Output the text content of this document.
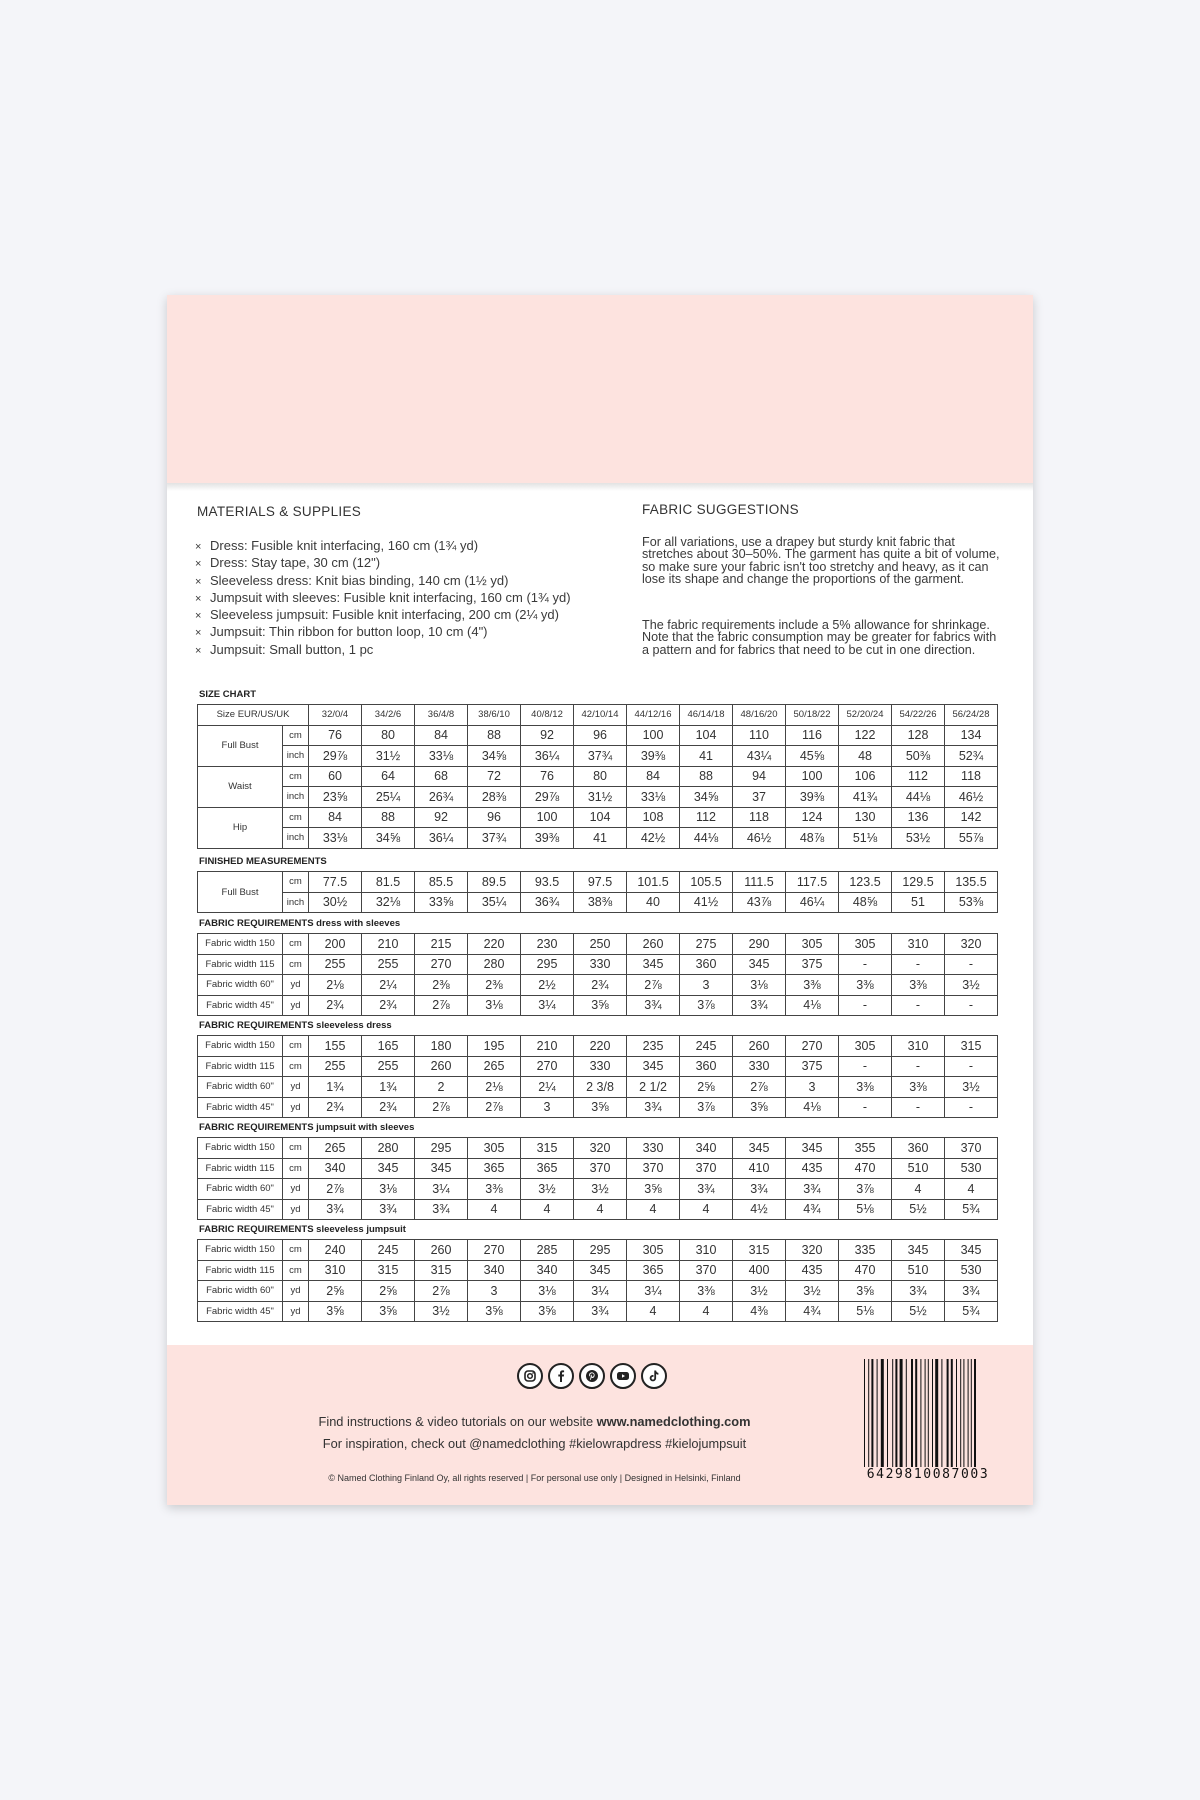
MATERIALS & SUPPLIES
× Dress: Fusible knit interfacing, 160 cm (1¾ yd)
× Dress: Stay tape, 30 cm (12")
× Sleeveless dress: Knit bias binding, 140 cm (1½ yd)
× Jumpsuit with sleeves: Fusible knit interfacing, 160 cm (1¾ yd)
× Sleeveless jumpsuit: Fusible knit interfacing, 200 cm (2¼ yd)
× Jumpsuit: Thin ribbon for button loop, 10 cm (4")
× Jumpsuit: Small button, 1 pc
FABRIC SUGGESTIONS

For all variations, use a drapey but sturdy knit fabric that stretches about 30–50%. The garment has quite a bit of volume, so make sure your fabric isn't too stretchy and heavy, as it can lose its shape and change the proportions of the garment.

The fabric requirements include a 5% allowance for shrinkage. Note that the fabric consumption may be greater for fabrics with a pattern and for fabrics that need to be cut in one direction.

SIZE CHART
Size EUR/US/UK		32/0/4	34/2/6	36/4/8	38/6/10	40/8/12	42/10/14	44/12/16	46/14/18	48/16/20	50/18/22	52/20/24	54/22/26	56/24/28
Full Bust	cm	76	80	84	88	92	96	100	104	110	116	122	128	134
	inch	29⅞	31½	33⅛	34⅝	36¼	37¾	39⅜	41	43¼	45⅝	48	50⅜	52¾
Waist	cm	60	64	68	72	76	80	84	88	94	100	106	112	118
	inch	23⅝	25¼	26¾	28⅜	29⅞	31½	33⅛	34⅝	37	39⅜	41¾	44⅛	46½
Hip	cm	84	88	92	96	100	104	108	112	118	124	130	136	142
	inch	33⅛	34⅝	36¼	37¾	39⅜	41	42½	44⅛	46½	48⅞	51⅛	53½	55⅞
FINISHED MEASUREMENTS
Full Bust	cm	77.5	81.5	85.5	89.5	93.5	97.5	101.5	105.5	111.5	117.5	123.5	129.5	135.5
	inch	30½	32⅛	33⅝	35¼	36¾	38⅜	40	41½	43⅞	46¼	48⅝	51	53⅜
FABRIC REQUIREMENTS dress with sleeves
Fabric width 150	cm	200	210	215	220	230	250	260	275	290	305	305	310	320
Fabric width 115	cm	255	255	270	280	295	330	345	360	345	375	-	-	-
Fabric width 60"	yd	2⅛	2¼	2⅜	2⅜	2½	2¾	2⅞	3	3⅛	3⅜	3⅜	3⅜	3½
Fabric width 45"	yd	2¾	2¾	2⅞	3⅛	3¼	3⅝	3¾	3⅞	3¾	4⅛	-	-	-
FABRIC REQUIREMENTS sleeveless dress
Fabric width 150	cm	155	165	180	195	210	220	235	245	260	270	305	310	315
Fabric width 115	cm	255	255	260	265	270	330	345	360	330	375	-	-	-
Fabric width 60"	yd	1¾	1¾	2	2⅛	2¼	2 3/8	2 1/2	2⅝	2⅞	3	3⅜	3⅜	3½
Fabric width 45"	yd	2¾	2¾	2⅞	2⅞	3	3⅝	3¾	3⅞	3⅝	4⅛	-	-	-
FABRIC REQUIREMENTS jumpsuit with sleeves
Fabric width 150	cm	265	280	295	305	315	320	330	340	345	345	355	360	370
Fabric width 115	cm	340	345	345	365	365	370	370	370	410	435	470	510	530
Fabric width 60"	yd	2⅞	3⅛	3¼	3⅜	3½	3½	3⅝	3¾	3¾	3¾	3⅞	4	4
Fabric width 45"	yd	3¾	3¾	3¾	4	4	4	4	4	4½	4¾	5⅛	5½	5¾
FABRIC REQUIREMENTS sleeveless jumpsuit
Fabric width 150	cm	240	245	260	270	285	295	305	310	315	320	335	345	345
Fabric width 115	cm	310	315	315	340	340	345	365	370	400	435	470	510	530
Fabric width 60"	yd	2⅝	2⅝	2⅞	3	3⅛	3¼	3¼	3⅜	3½	3½	3⅝	3¾	3¾
Fabric width 45"	yd	3⅝	3⅝	3½	3⅝	3⅝	3¾	4	4	4⅜	4¾	5⅛	5½	5¾
Find instructions & video tutorials on our website www.namedclothing.com
For inspiration, check out @namedclothing #kielowrapdress #kielojumpsuit
© Named Clothing Finland Oy, all rights reserved | For personal use only | Designed in Helsinki, Finland	6429810087003
